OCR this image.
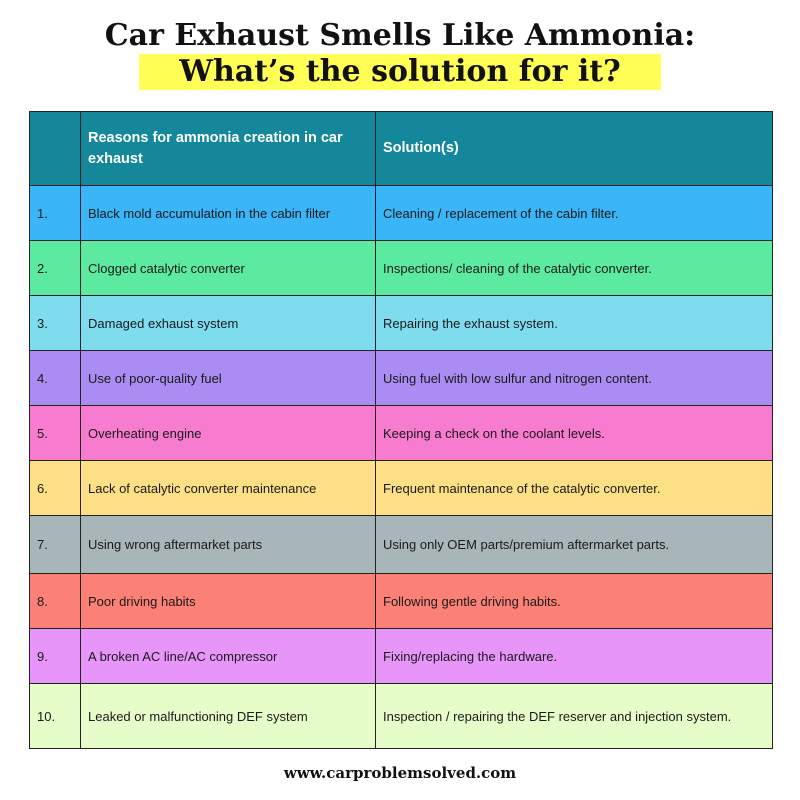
Car Exhaust Smells Like Ammonia:
What’s the solution for it?
	Reasons for ammonia creation in car exhaust	Solution(s)
1.	Black mold accumulation in the cabin filter	Cleaning / replacement of the cabin filter.
2.	Clogged catalytic converter	Inspections/ cleaning of the catalytic converter.
3.	Damaged exhaust system	Repairing the exhaust system.
4.	Use of poor-quality fuel	Using fuel with low sulfur and nitrogen content.
5.	Overheating engine	Keeping a check on the coolant levels.
6.	Lack of catalytic converter maintenance	Frequent maintenance of the catalytic converter.
7.	Using wrong aftermarket parts	Using only OEM parts/premium aftermarket parts.
8.	Poor driving habits	Following gentle driving habits.
9.	A broken AC line/AC compressor	Fixing/replacing the hardware.
10.	Leaked or malfunctioning DEF system	Inspection / repairing the DEF reserver and injection system.
www.carproblemsolved.com
